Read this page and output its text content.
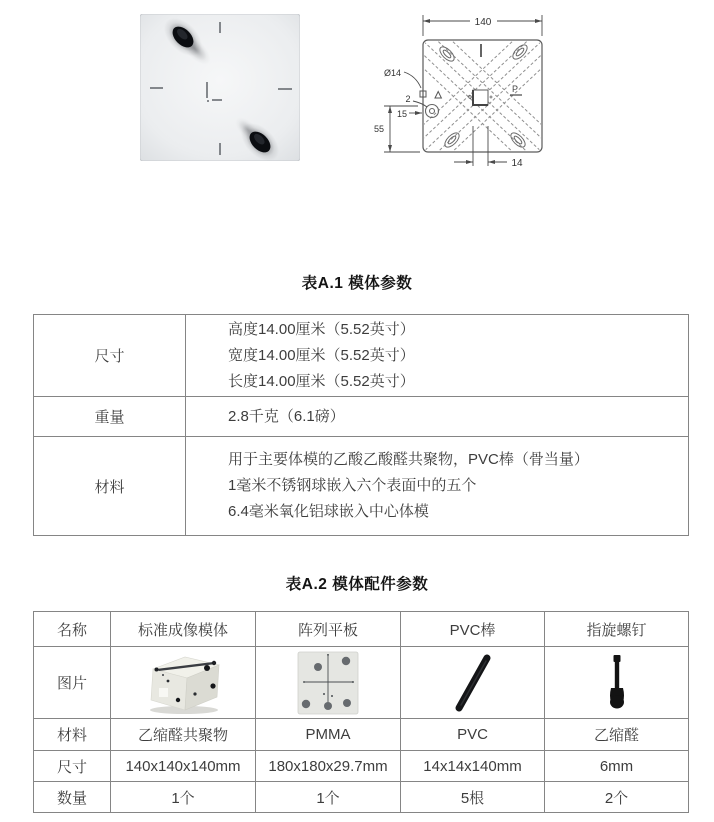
P
140
14
55
15
2
Ø14
表A.1 模体参数
尺寸	高度14.00厘米（5.52英寸）
宽度14.00厘米（5.52英寸）
长度14.00厘米（5.52英寸）

重量	2.8千克（6.1磅）

材料	用于主要体模的乙酸乙酸醛共聚物，PVC棒（骨当量）
1毫米不锈钢球嵌入六个表面中的五个
6.4毫米氧化铝球嵌入中心体模
表A.2 模体配件参数
名称	标准成像模体	阵列平板	PVC棒	指旋螺钉
图片	

材料	乙缩醛共聚物	PMMA	PVC	乙缩醛
尺寸	140x140x140mm	180x180x29.7mm	14x14x140mm	6mm
数量	1个	1个	5根	2个
